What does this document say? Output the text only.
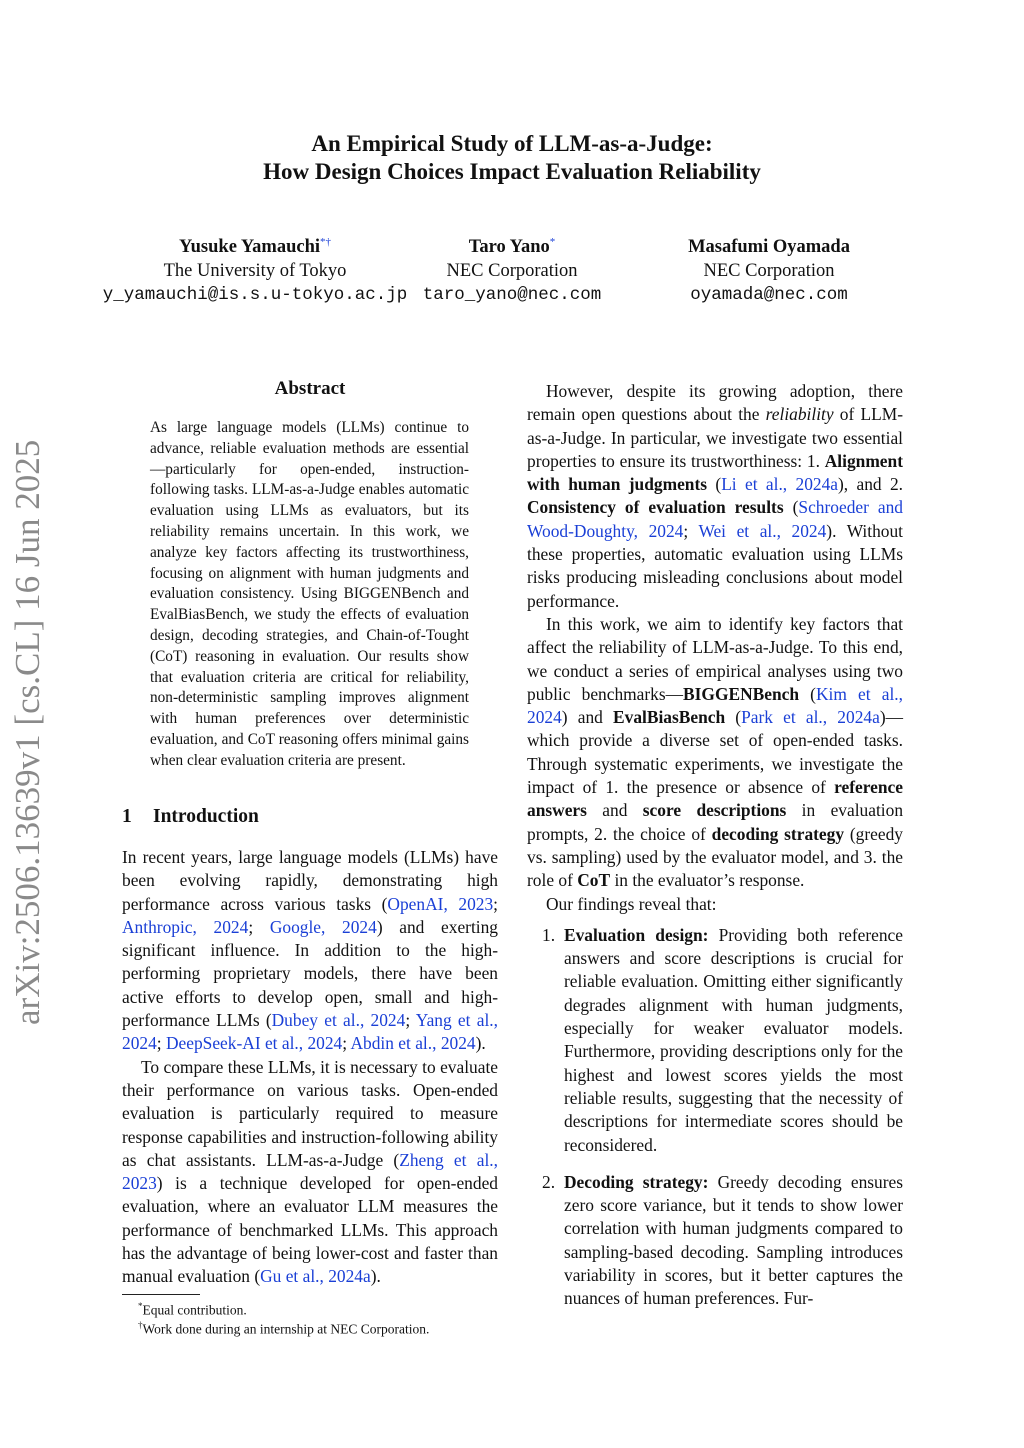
An Empirical Study of LLM-as-a-Judge:
How Design Choices Impact Evaluation Reliability
Yusuke Yamauchi*†
The University of Tokyo
y_yamauchi@is.s.u-tokyo.ac.jp
Taro Yano*
NEC Corporation
taro_yano@nec.com
Masafumi Oyamada
NEC Corporation
oyamada@nec.com
arXiv:2506.13639v1 [cs.CL] 16 Jun 2025
Abstract
As large language models (LLMs) continue to advance, reliable evaluation methods are essential—particularly for open-ended, instruction-following tasks. LLM-as-a-Judge enables automatic evaluation using LLMs as evaluators, but its reliability remains uncertain. In this work, we analyze key factors affecting its trustworthiness, focusing on alignment with human judgments and evaluation consistency. Using BIGGENBench and EvalBiasBench, we study the effects of evaluation design, decoding strategies, and Chain-of-Tought (CoT) reasoning in evaluation. Our results show that evaluation criteria are critical for reliability, non-deterministic sampling improves alignment with human preferences over deterministic evaluation, and CoT reasoning offers minimal gains when clear evaluation criteria are present.
1 Introduction

In recent years, large language models (LLMs) have been evolving rapidly, demonstrating high performance across various tasks (OpenAI, 2023; Anthropic, 2024; Google, 2024) and exerting significant influence. In addition to the high-performing proprietary models, there have been active efforts to develop open, small and high-performance LLMs (Dubey et al., 2024; Yang et al., 2024; DeepSeek-AI et al., 2024; Abdin et al., 2024).

To compare these LLMs, it is necessary to evaluate their performance on various tasks. Open-ended evaluation is particularly required to measure response capabilities and instruction-following ability as chat assistants. LLM-as-a-Judge (Zheng et al., 2023) is a technique developed for open-ended evaluation, where an evaluator LLM measures the performance of benchmarked LLMs. This approach has the advantage of being lower-cost and faster than manual evaluation (Gu et al., 2024a).

However, despite its growing adoption, there remain open questions about the reliability of LLM-as-a-Judge. In particular, we investigate two essential properties to ensure its trustworthiness: 1. Alignment with human judgments (Li et al., 2024a), and 2. Consistency of evaluation results (Schroeder and Wood-Doughty, 2024; Wei et al., 2024). Without these properties, automatic evaluation using LLMs risks producing misleading conclusions about model performance.

In this work, we aim to identify key factors that affect the reliability of LLM-as-a-Judge. To this end, we conduct a series of empirical analyses using two public benchmarks—BIGGENBench (Kim et al., 2024) and EvalBiasBench (Park et al., 2024a)—which provide a diverse set of open-ended tasks. Through systematic experiments, we investigate the impact of 1. the presence or absence of reference answers and score descriptions in evaluation prompts, 2. the choice of decoding strategy (greedy vs. sampling) used by the evaluator model, and 3. the role of CoT in the evaluator’s response.

Our findings reveal that:

1. Evaluation design: Providing both reference answers and score descriptions is crucial for reliable evaluation. Omitting either significantly degrades alignment with human judgments, especially for weaker evaluator models. Furthermore, providing descriptions only for the highest and lowest scores yields the most reliable results, suggesting that the necessity of descriptions for intermediate scores should be reconsidered.
2. Decoding strategy: Greedy decoding ensures zero score variance, but it tends to show lower correlation with human judgments compared to sampling-based decoding. Sampling introduces variability in scores, but it better captures the nuances of human preferences. Fur-
*Equal contribution.
†Work done during an internship at NEC Corporation.
